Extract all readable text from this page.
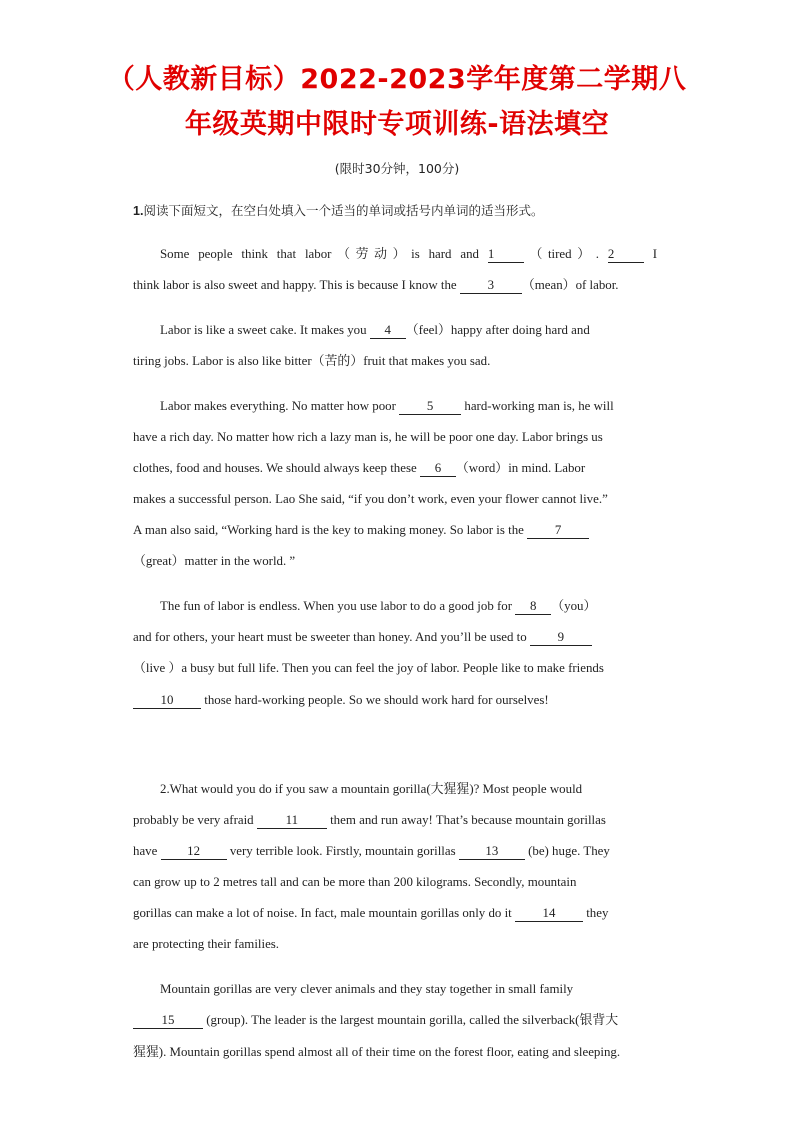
（人教新目标）2022-2023学年度第二学期八
年级英期中限时专项训练-语法填空
(限时30分钟，100分)
1.阅读下面短文，在空白处填入一个适当的单词或括号内单词的适当形式。
Some people think that labor（劳动）is hard and 1 （tired）. 2	I
think labor is also sweet and happy. This is because I know the 3 （mean）of labor.
Labor is like a sweet cake. It makes you 4 （feel）happy after doing hard and
tiring jobs. Labor is also like bitter（苦的）fruit that makes you sad.
Labor makes everything. No matter how poor 5 hard-working man is, he will
have a rich day. No matter how rich a lazy man is, he will be poor one day. Labor brings us
clothes, food and houses. We should always keep these 6 （word）in mind. Labor
makes a successful person. Lao She said, “if you don’t work, even your flower cannot live.”
A man also said, “Working hard is the key to making money. So labor is the 7
（great）matter in the world. ”
The fun of labor is endless. When you use labor to do a good job for 8 （you）
and for others, your heart must be sweeter than honey. And you’ll be used to 9
（live ）a busy but full life. Then you can feel the joy of labor. People like to make friends
10 those hard-working people. So we should work hard for ourselves!
2.What would you do if you saw a mountain gorilla(大猩猩)? Most people would
probably be very afraid 11 them and run away! That’s because mountain gorillas
have 12 very terrible look. Firstly, mountain gorillas 13 (be) huge. They
can grow up to 2 metres tall and can be more than 200 kilograms. Secondly, mountain
gorillas can make a lot of noise. In fact, male mountain gorillas only do it 14 they
are protecting their families.
Mountain gorillas are very clever animals and they stay together in small family
15 (group). The leader is the largest mountain gorilla, called the silverback(银背大
猩猩). Mountain gorillas spend almost all of their time on the forest floor, eating and sleeping.
